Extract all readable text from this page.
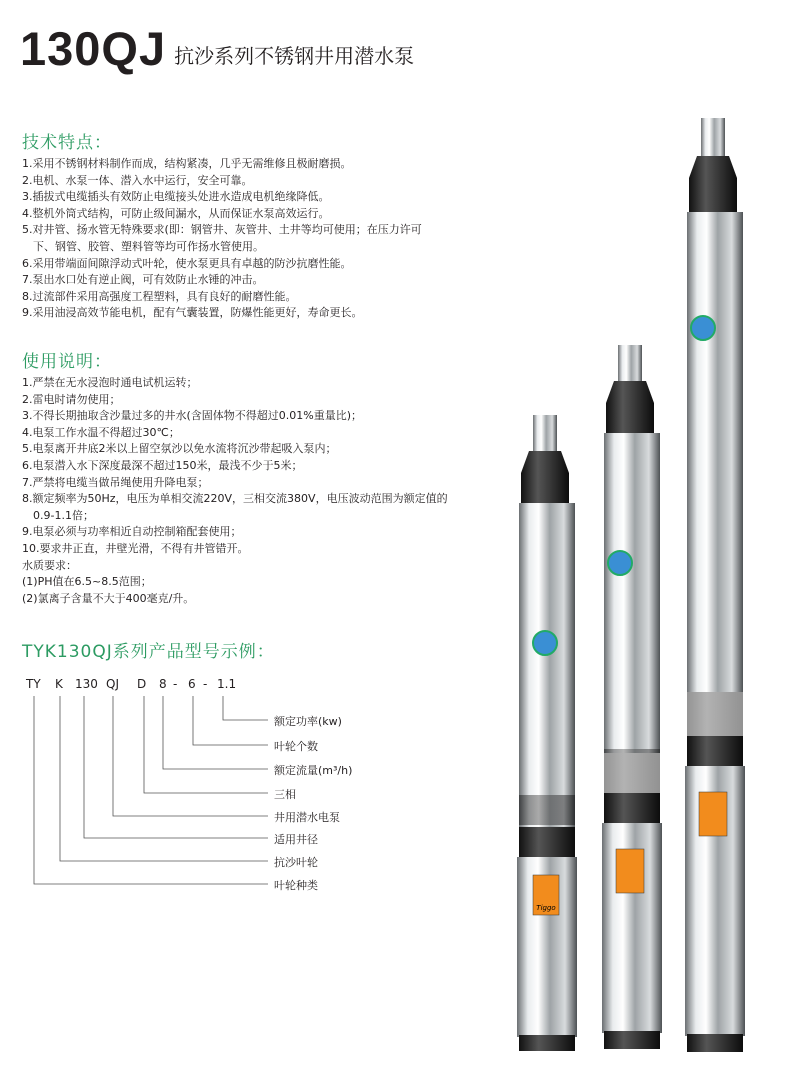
130QJ 抗沙系列不锈钢井用潜水泵
技术特点：
1.采用不锈钢材料制作而成，结构紧凑，几乎无需维修且极耐磨损。
2.电机、水泵一体、潜入水中运行，安全可靠。
3.插拔式电缆插头有效防止电缆接头处进水造成电机绝缘降低。
4.整机外筒式结构，可防止级间漏水，从而保证水泵高效运行。
5.对井管、扬水管无特殊要求(即：钢管井、灰管井、土井等均可使用；在压力许可下、钢管、胶管、塑料管等均可作扬水管使用。
6.采用带端面间隙浮动式叶轮，使水泵更具有卓越的防沙抗磨性能。
7.泵出水口处有逆止阀，可有效防止水锤的冲击。
8.过流部件采用高强度工程塑料，具有良好的耐磨性能。
9.采用油浸高效节能电机，配有气囊装置，防爆性能更好，寿命更长。
使用说明：
1.严禁在无水浸泡时通电试机运转；
2.雷电时请勿使用；
3.不得长期抽取含沙量过多的井水(含固体物不得超过0.01%重量比)；
4.电泵工作水温不得超过30℃；
5.电泵离开井底2米以上留空氛沙以免水流将沉沙带起吸入泵内；
6.电泵潜入水下深度最深不超过150米，最浅不少于5米；
7.严禁将电缆当做吊绳使用升降电泵；
8.额定频率为50Hz，电压为单相交流220V，三相交流380V，电压波动范围为额定值的0.9-1.1倍；
9.电泵必须与功率相近自动控制箱配套使用；
10.要求井正直，井壁光滑，不得有井管错开。
水质要求：
(1)PH值在6.5~8.5范围；
(2)氯离子含量不大于400毫克/升。
TYK130QJ系列产品型号示例：
TY K 130 QJ D 8 - 6 - 1.1
额定功率(kw)
叶轮个数
额定流量(m³/h)
三相
井用潜水电泵
适用井径
抗沙叶轮
叶轮种类
Tiggo
